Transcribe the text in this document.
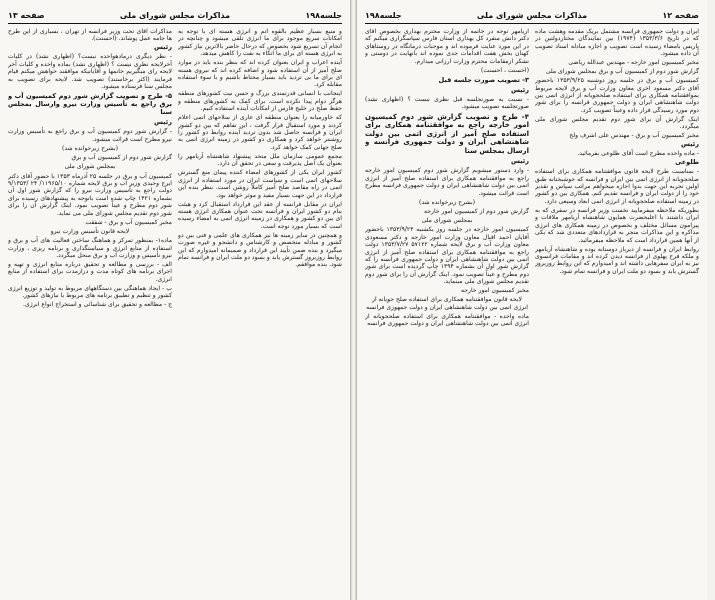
صفحه ۱۳	مذاکرات مجلس شورای ملی	جلسه۱۹۸

مذاکرات آقای تحت وزیر فرانسه از تهران ، بسیاری از این طرح ها جامه عمل پوشاند. (احسنت).

رئیس

- نظر دیگری درمادهواحده نیست؟ (اظهاری نشد) در کلیات آخرلایحه نظری نیست ؟ (اظهاری نشد) بماده واحده و کلیات آخر لایحه رای میگیریم خانمها و آقایانیکه موافقند خواهش میکنم قیام فرمایند (اکثر برخاستند) تصویب شد. لایحه برای تصویب به مجلس سنا فرستاده میشود.

۵- طرح و تصویب گزارش شور دوم کمیسیون آب و برق راجع به تأسیس وزارت نیرو وارسال بمجلس سنا

رئیس

- گزارش شور دوم کمیسیون آب و برق راجع به تأسیس وزارت نیرو مطرح است قرائت میشود.

(بشرح زیرخوانده شد)

گزارش شور دوم از کمیسیون آب و برق

بمجلس شورای ملی

کمیسیون آب و برق در جلسه ۲۵ آذرماه ۱۳۵۳ با حضور آقای دکتر ایرج وحیدی وزیر آب و برق لایحه شماره ۱۱۹۶۵/۱۰/ ۲۴ /۹/۱۳۵۳ دولت راجع به تأسیس وزارت نیرو را که گزارش شور اول آن بشماره ۱۴۲۱ چاپ شده است باتوجه به پیشنهادهای رسیده برای شور دوم مطرح و عیناً تصویب نمود. اینک گزارش آن را برای شور دوم تقدیم مجلس شورای ملی می نماید.

مخبر کمیسیون آب و برق - شفقت

لایحه قانون تأسیس وزارت نیرو

ماده۱- بمنظور تمرکز و هماهنگ ساختن فعالیت های آب و برق و استفاده از منابع انرژی و سیاستگذاری و برنامه ریزی ، وزارت نیرو تأسیس و وزارت آب و برق منحل میگردد.

الف - بررسی و مطالعه و تحقیق درباره منابع انرژی و تهیه و اجرای برنامه های کوتاه مدت و درازمدت برای استفاده از منابع انرژی.

ب - ایجاد هماهنگی بین دستگاههای مربوط به تولید و توزیع انرژی کشور و تنظیم و تطبیق برنامه های مربوط با نیازهای کشور.

ج - مطالعه و تحقیق برای شناسائی و استخراج انواع انرژی.

و منبع بسیار عظیم بالقوه اتم و انرژی هسته ای با توجه به امکانات سریع موجود برای ما انرژی تلقی میشود و چنانچه در انجام آن تسریع شود بخصوص که درحال حاضر بالاترین نیاز کشور به انرژی هسته ای برای ما اتکاء به نفت را کاهش میدهد.

آینده اعراب و ایران بعنوان کرده اند که بنظر بنده باید در موارد صلح آمیز از آن استفاده شود و اضافه کرده اند که نیروی هسته ای برای ما بی تردید باید بسیار محتاط باشیم و با سوء استفاده مقابله کرد.

اینجانب با انسانی قدرتمندی بزرگ و حسن نیت کشورهای منطقه هرگز دوام پیدا نکرده است. برای کمک به کشورهای منطقه و حفظ صلح در خلیج فارس از امکانات آینده استفاده کنیم.

که خاورمیانه را بعنوان منطقه ای عاری از سلاحهای اتمی اعلام کردند و مورد استقبال قرار گرفت ، این تفاهم که بین دو کشور ایران و فرانسه حاصل شد بدون تردید آینده روابط دو کشور را روشنتر خواهد کرد و همکاری دو کشور در زمینه انرژی اتمی به صلح جهانی کمک خواهد کرد.

مجمع عمومی سازمان ملل متحد پیشنهاد شاهنشاه آریامهر را بعنوان یک اصل پذیرفت و سعی در تحقق آن دارد.

کشور ایران یکی از کشورهای امضاء کننده پیمان منع گسترش سلاحهای اتمی است و سیاست ایران در مورد استفاده از انرژی اتمی در راه مقاصد صلح آمیز کاملاً روشن است. بنظر بنده این قرارداد در این جهت بسیار مفید و موثر خواهد بود.

ایران در مقابل فرانسه از عقد این قرارداد استقبال کرد و هیئت بنام دو کشور ایران و فرانسه تحت عنوان همکاری انرژی هسته ای بین دو کشور و همکاری در زمینه انرژی اتمی به امضاء رسیده است که بسیار مورد توجه است.

و همچنین در سایر زمینه ها نیز همکاری های علمی و فنی بین دو کشور و مبادله متخصص و کارشناس و دانشجو و غیره صورت میگیرد و بنده ضمن تأیید این قرارداد و صمیمانه امیدوارم که این روابط روزبروز گسترش یابد و بسود دو ملت ایران و فرانسه تمام شود. بنده موافقم.

صفحه ۱۲
مذاکرات مجلس شورای ملی
جلسه۱۹۸

آریامهر توجه در خاتمه از وزارت محترم بهداری بخصوص آقای دکتر دانش منفرد کل بهداری استان فارس سپاسگزاری میکنم که در این مورد عنایت فرموده اند و موجبات درمانگاه در روستاهای کهنان بخش هفت اقدامات جدی نموده اند بانهایت در دوستی و تشکر ازمقامات محترم وزارت ارزانی میدارم.

(احسنت ، احسنت)

۳- تصویب صورت جلسه قبل

رئیس

- نسبت به صورتجلسه قبل نظری نیست ؟ (اظهاری نشد) صورتجلسه تصویب میشود.

۴- طرح و تصویب گزارش شور دوم کمیسیون امور خارجه راجع به موافقتنامه همکاری برای استفاده صلح آمیز از انرژی اتمی بین دولت شاهنشاهی ایران و دولت جمهوری فرانسه و ارسال بمجلس سنا

رئیس

- وارد دستور میشویم گزارش شور دوم کمیسیون امور خارجه راجع به موافقتنامه همکاری برای استفاده صلح آمیز از انرژی اتمی بین دولت شاهنشاهی ایران و دولت جمهوری فرانسه مطرح است قرائت میشود.

(بشرح زیرخوانده شد)

گزارش شور دوم از کمیسیون امور خارجه

بمجلس شورای ملی

کمیسیون امور خارجه در جلسه روز یکشنبه ۱۳۵۳/۹/۲۴ باحضور آقایان احمد اقبال معاون وزارت امور خارجه و دکتر مسعودی معاون وزارت آب و برق لایحه شماره ۵۷۱۲۲ ۱۳۵۳/۷/۲۷ دولت راجع به موافقتنامه همکاری برای استفاده صلح آمیز از انرژی اتمی بین دولت شاهنشاهی ایران و دولت جمهوری فرانسه را که گزارش شور اول آن بشماره ۱۳۹۴ چاپ گردیده است برای شور دوم مطرح و عیناً تصویب نمود. اینک گزارش آن را برای شور دوم تقدیم مجلس شورای ملی مینماید.

مخبر کمیسیون امور خارجه

لایحه قانون موافقتنامه همکاری برای استفاده صلح جویانه از انرژی اتمی بین دولت شاهنشاهی ایران و دولت جمهوری فرانسه

ماده واحده - موافقتنامه همکاری برای استفاده صلحجویانه از انرژی اتمی بین دولت شاهنشاهی ایران و دولت جمهوری فرانسه

ایران و دولت جمهوری فرانسه مشتمل بریک مقدمه وهشت ماده که در تاریخ ۱۳۵۳/۳/۶ (۱۹۷۴) بین نمایندگان مختاردولتین در پاریس بامضاء رسیده است تصویب و اجازه مبادله اسناد تصویب آن داده میشود.

مخبر کمیسیون امور خارجه - مهندس عبدالله ریاضی

گزارش شور دوم از کمیسیون آب و برق بمجلس شورای ملی

کمیسیون آب و برق در جلسه روز دوشنبه ۱۳۵۳/۹/۲۵ باحضور آقای دکتر مسعود اخری معاون وزارت آب و برق لایحه مربوط بموافقتنامه همکاری برای استفاده صلحجویانه از انرژی اتمی بین دولت شاهنشاهی ایران و دولت جمهوری فرانسه را برای شور دوم مورد رسیدگی قرار داده وعیناً تصویب کرد.

اینک گزارش آن برای شور دوم تقدیم مجلس شورای ملی میگردد.

مخبر کمیسیون آب و برق - مهندس علی اشرف ولخ

رئیس

- ماده واحده مطرح است آقای طلوعی بفرمائید.

طلوعی

- بمناسبت طرح لایحه قانون موافقتنامه همکاری برای استفاده صلحجویانه از انرژی اتمی بین ایران و فرانسه که خوشبختانه طبق اولین تجربه این جهت بدوا اجازه میخواهم مراتب سپاس و تقدیر خود را از دولت ایران و فرانسه تقدیم کنم. همکاری بین دو کشور در زمینه استفاده صلحجویانه از انرژی اتمی ابعاد وسیعی دارد.

بطوریکه ملاحظه میفرمایید نخست وزیر فرانسه در سفری که به ایران داشتند با اعلیحضرت همایون شاهنشاه آریامهر ملاقات و پیرامون مسائل مختلف و بخصوص در زمینه همکاری های انرژی مذاکره و این مذاکرات منجر به قراردادهای متعددی شد که یکی از آنها همین قرارداد است که ملاحظه میفرمائید.

روابط ایران و فرانسه از دیرباز دوستانه بوده و شاهنشاه آریامهر و ملکه فرح پهلوی از فرانسه دیدن کرده اند و مقامات فرانسوی نیز به ایران سفرهایی داشته اند و امیدوارم که این روابط روزبروز گسترش یابد و بسود دو ملت ایران و فرانسه تمام شود.
